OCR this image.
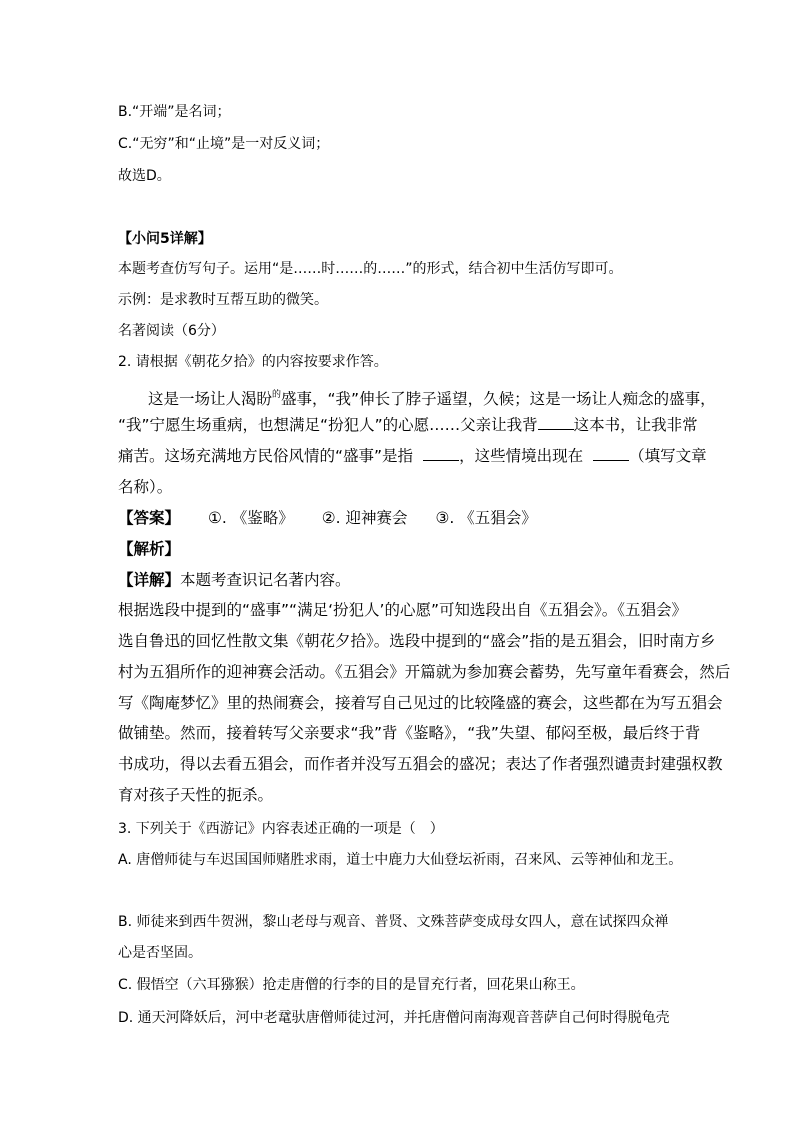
B.“开端”是名词；
C.“无穷”和“止境”是一对反义词；
故选D。
【小问5详解】
本题考查仿写句子。运用“是……时……的……”的形式，结合初中生活仿写即可。
示例：是求教时互帮互助的微笑。
名著阅读（6分）
2. 请根据《朝花夕拾》的内容按要求作答。
这是一场让人渴盼$^的$盛事，“我”伸长了脖子遥望，久候；这是一场让人痴念的盛事，
“我”宁愿生场重病，也想满足“扮犯人”的心愿……父亲让我背 这本书，让我非常
痛苦。这场充满地方民俗风情的“盛事”是指	，这些情境出现在	（填写文章
名称）。
【答案】 ①. 《鉴略》 ②. 迎神赛会 ③. 《五猖会》
【解析】
【详解】本题考查识记名著内容。
根据选段中提到的“盛事”“满足‘扮犯人’的心愿”可知选段出自《五猖会》。《五猖会》
选自鲁迅的回忆性散文集《朝花夕拾》。选段中提到的“盛会”指的是五猖会，旧时南方乡
村为五猖所作的迎神赛会活动。《五猖会》开篇就为参加赛会蓄势，先写童年看赛会，然后
写《陶庵梦忆》里的热闹赛会，接着写自己见过的比较隆盛的赛会，这些都在为写五猖会
做铺垫。然而，接着转写父亲要求“我”背《鉴略》，“我”失望、郁闷至极，最后终于背
书成功，得以去看五猖会，而作者并没写五猖会的盛况；表达了作者强烈谴责封建强权教
育对孩子天性的扼杀。
3. 下列关于《西游记》内容表述正确的一项是（　）
A. 唐僧师徒与车迟国国师赌胜求雨，道士中鹿力大仙登坛祈雨，召来风、云等神仙和龙王。
B. 师徒来到西牛贺洲，黎山老母与观音、普贤、文殊菩萨变成母女四人，意在试探四众禅
心是否坚固。
C. 假悟空（六耳猕猴）抢走唐僧的行李的目的是冒充行者，回花果山称王。
D. 通天河降妖后，河中老鼋驮唐僧师徒过河，并托唐僧问南海观音菩萨自己何时得脱龟壳
